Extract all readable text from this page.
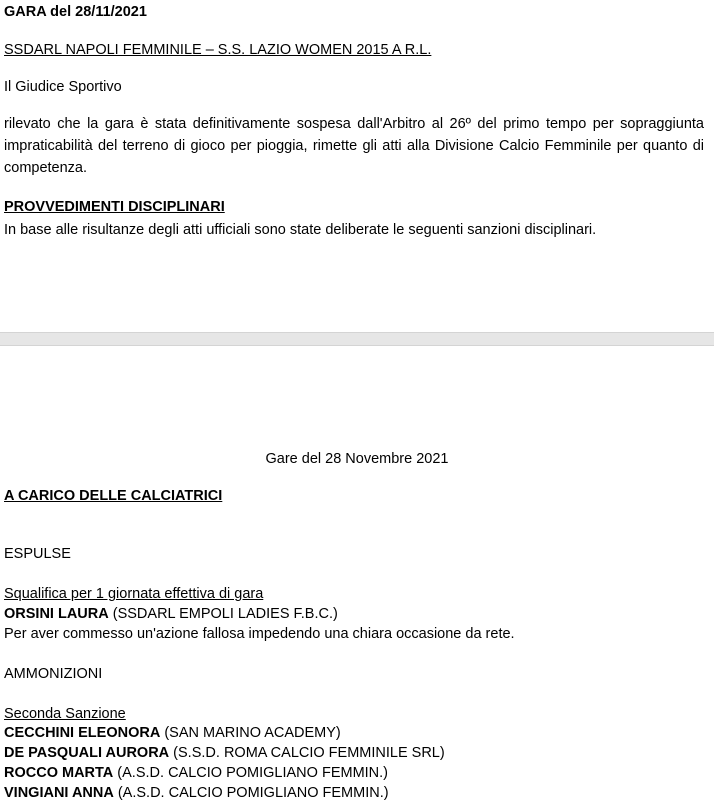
GARA del 28/11/2021
SSDARL NAPOLI FEMMINILE – S.S. LAZIO WOMEN 2015 A R.L.
Il Giudice Sportivo
rilevato che la gara è stata definitivamente sospesa dall'Arbitro al 26º del primo tempo per sopraggiunta impraticabilità del terreno di gioco per pioggia, rimette gli atti alla Divisione Calcio Femminile per quanto di competenza.
PROVVEDIMENTI DISCIPLINARI
In base alle risultanze degli atti ufficiali sono state deliberate le seguenti sanzioni disciplinari.
Gare del 28 Novembre 2021
A CARICO DELLE CALCIATRICI
ESPULSE
Squalifica per 1 giornata effettiva di gara
ORSINI LAURA (SSDARL EMPOLI LADIES F.B.C.)
Per aver commesso un'azione fallosa impedendo una chiara occasione da rete.
AMMONIZIONI
Seconda Sanzione
CECCHINI ELEONORA (SAN MARINO ACADEMY)
DE PASQUALI AURORA (S.S.D. ROMA CALCIO FEMMINILE SRL)
ROCCO MARTA (A.S.D. CALCIO POMIGLIANO FEMMIN.)
VINGIANI ANNA (A.S.D. CALCIO POMIGLIANO FEMMIN.)
